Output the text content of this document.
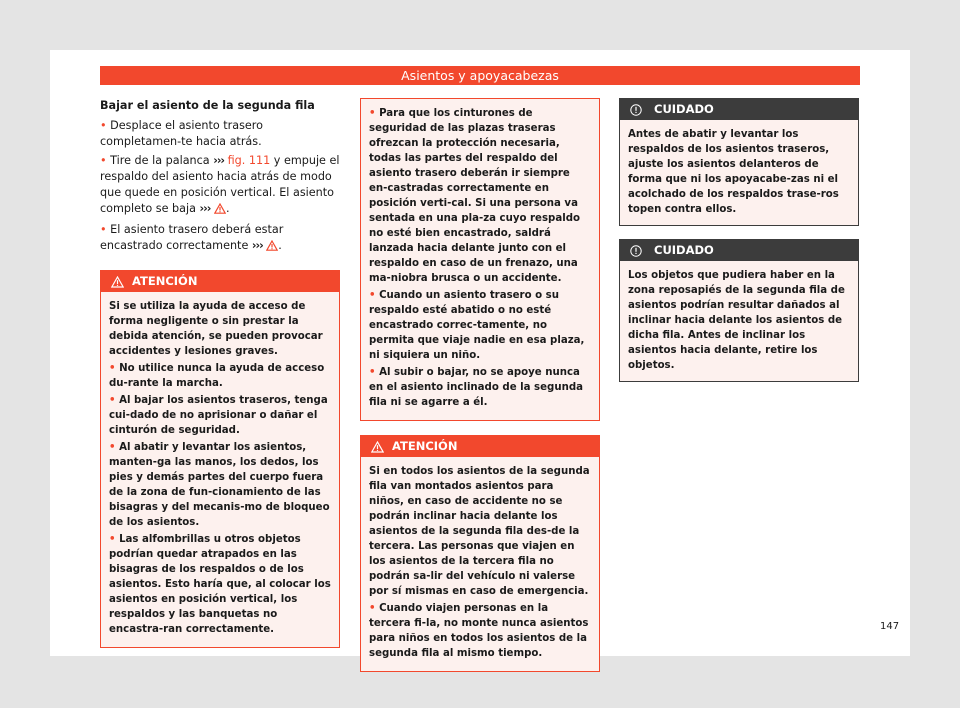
Asientos y apoyacabezas
Bajar el asiento de la segunda fila
• Desplace el asiento trasero completamen-te hacia atrás.
• Tire de la palanca ››› fig. 111 y empuje el respaldo del asiento hacia atrás de modo que quede en posición vertical. El asiento completo se baja ››› .
• El asiento trasero deberá estar encastrado correctamente ››› .
ATENCIÓN

Si se utiliza la ayuda de acceso de forma negligente o sin prestar la debida atención, se pueden provocar accidentes y lesiones graves.

• No utilice nunca la ayuda de acceso du-rante la marcha.

• Al bajar los asientos traseros, tenga cui-dado de no aprisionar o dañar el cinturón de seguridad.

• Al abatir y levantar los asientos, manten-ga las manos, los dedos, los pies y demás partes del cuerpo fuera de la zona de fun-cionamiento de las bisagras y del mecanis-mo de bloqueo de los asientos.

• Las alfombrillas u otros objetos podrían quedar atrapados en las bisagras de los respaldos o de los asientos. Esto haría que, al colocar los asientos en posición vertical, los respaldos y las banquetas no encastra-ran correctamente.

• Para que los cinturones de seguridad de las plazas traseras ofrezcan la protección necesaria, todas las partes del respaldo del asiento trasero deberán ir siempre en-castradas correctamente en posición verti-cal. Si una persona va sentada en una pla-za cuyo respaldo no esté bien encastrado, saldrá lanzada hacia delante junto con el respaldo en caso de un frenazo, una ma-niobra brusca o un accidente.

• Cuando un asiento trasero o su respaldo esté abatido o no esté encastrado correc-tamente, no permita que viaje nadie en esa plaza, ni siquiera un niño.

• Al subir o bajar, no se apoye nunca en el asiento inclinado de la segunda fila ni se agarre a él.

ATENCIÓN

Si en todos los asientos de la segunda fila van montados asientos para niños, en caso de accidente no se podrán inclinar hacia delante los asientos de la segunda fila des-de la tercera. Las personas que viajen en los asientos de la tercera fila no podrán sa-lir del vehículo ni valerse por sí mismas en caso de emergencia.

• Cuando viajen personas en la tercera fi-la, no monte nunca asientos para niños en todos los asientos de la segunda fila al mismo tiempo.

CUIDADO
Antes de abatir y levantar los respaldos de los asientos traseros, ajuste los asientos delanteros de forma que ni los apoyacabe-zas ni el acolchado de los respaldos trase-ros topen contra ellos.
CUIDADO
Los objetos que pudiera haber en la zona reposapiés de la segunda fila de asientos podrían resultar dañados al inclinar hacia delante los asientos de dicha fila. Antes de inclinar los asientos hacia delante, retire los objetos.
147
